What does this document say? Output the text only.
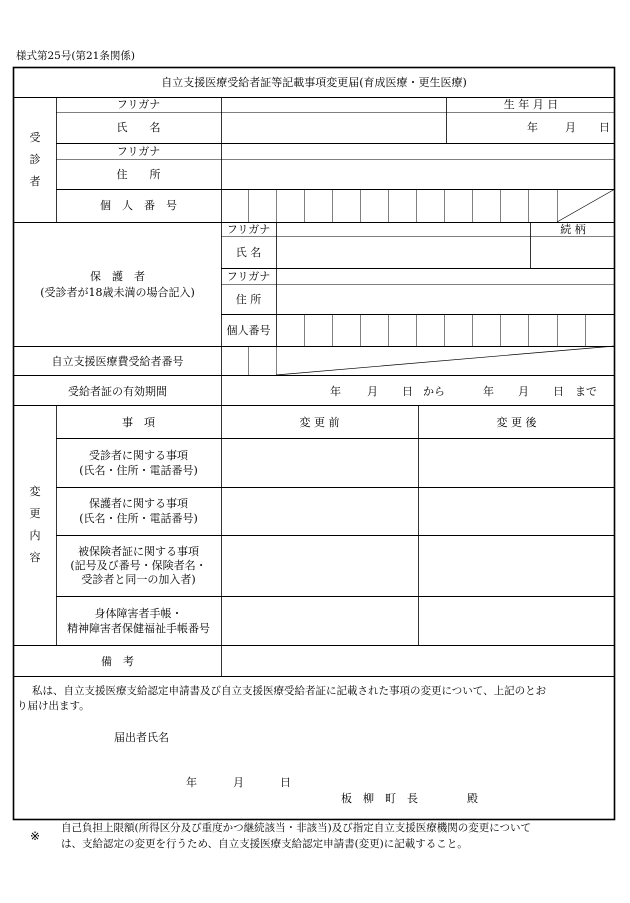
様式第25号(第21条関係)
自立支援医療受給者証等記載事項変更届(育成医療・更生医療)
受
診
者
フリガナ	生 年 月 日
氏　　名	年 月 日
フリガナ
住　　所
個　人　番　号
保　護　者
(受診者が18歳未満の場合記入)
フリガナ	続 柄
氏 名
フリガナ
住 所
個人番号
自立支援医療費受給者番号
受給者証の有効期間	年 月 日 から	年 月 日 まで
変
更
内
容
事　項	変 更 前	変 更 後
受診者に関する事項
(氏名・住所・電話番号)
保護者に関する事項
(氏名・住所・電話番号)
被保険者証に関する事項
(記号及び番号・保険者名・
受診者と同一の加入者)
身体障害者手帳・
精神障害者保健福祉手帳番号
備　考
私は、自立支援医療支給認定申請書及び自立支援医療受給者証に記載された事項の変更について、上記のとお
り届け出ます。
届出者氏名
年	月	日
板　柳　町　長	殿
※
自己負担上限額(所得区分及び重度かつ継続該当・非該当)及び指定自立支援医療機関の変更について
は、支給認定の変更を行うため、自立支援医療支給認定申請書(変更)に記載すること。
